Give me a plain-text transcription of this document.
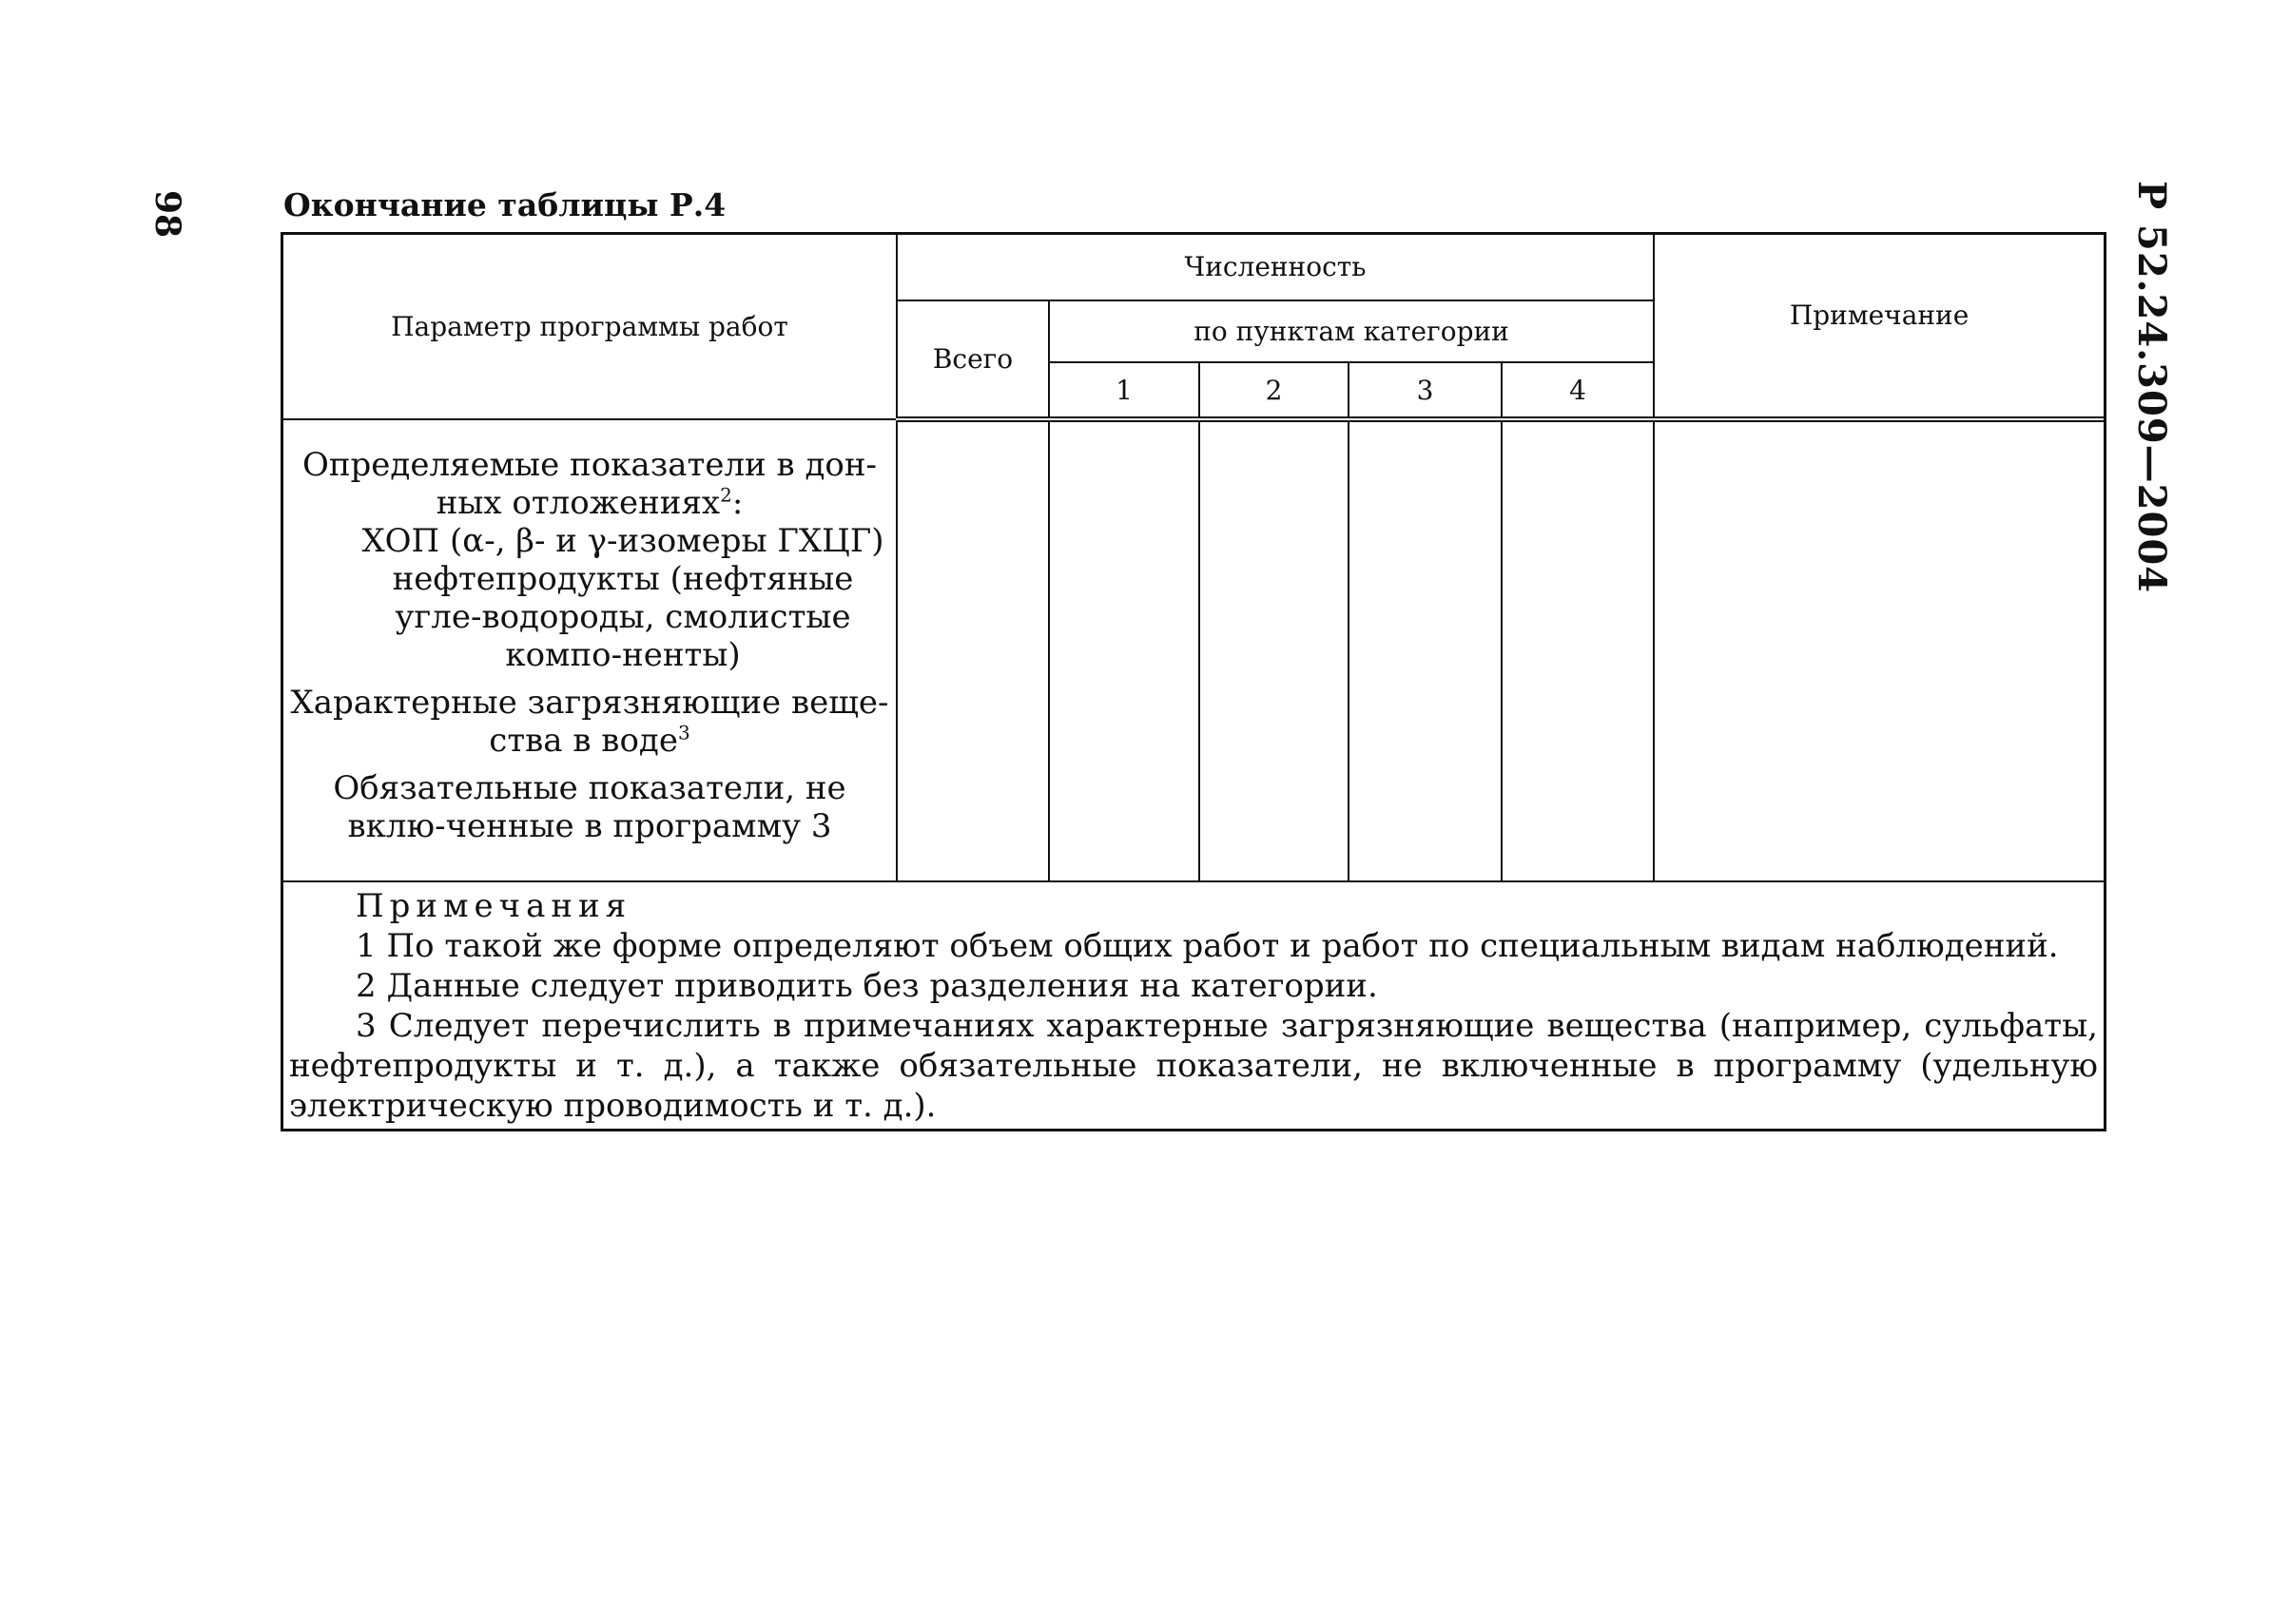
98	Р 52.24.309—2004
Окончание таблицы Р.4
Параметр программы работ	Численность					Примечание
	Всего	по пунктам категории				
		1	2	3	4	

Определяемые показатели в дон-ных отложениях$^2$:
ХОП (α-, β- и γ-изомеры ГХЦГ)
нефтепродукты (нефтяные угле-водороды, смолистые компо-ненты)
Характерные загрязняющие веще-ства в воде$^3$
Обязательные показатели, не вклю-ченные в программу 3						

Примечания
1 По такой же форме определяют объем общих работ и работ по специальным видам наблюдений.
2 Данные следует приводить без разделения на категории.
3 Следует перечислить в примечаниях характерные загрязняющие вещества (например, сульфаты, нефтепродукты и т. д.), а также обязательные показатели, не включенные в программу (удельную электрическую проводимость и т. д.).
